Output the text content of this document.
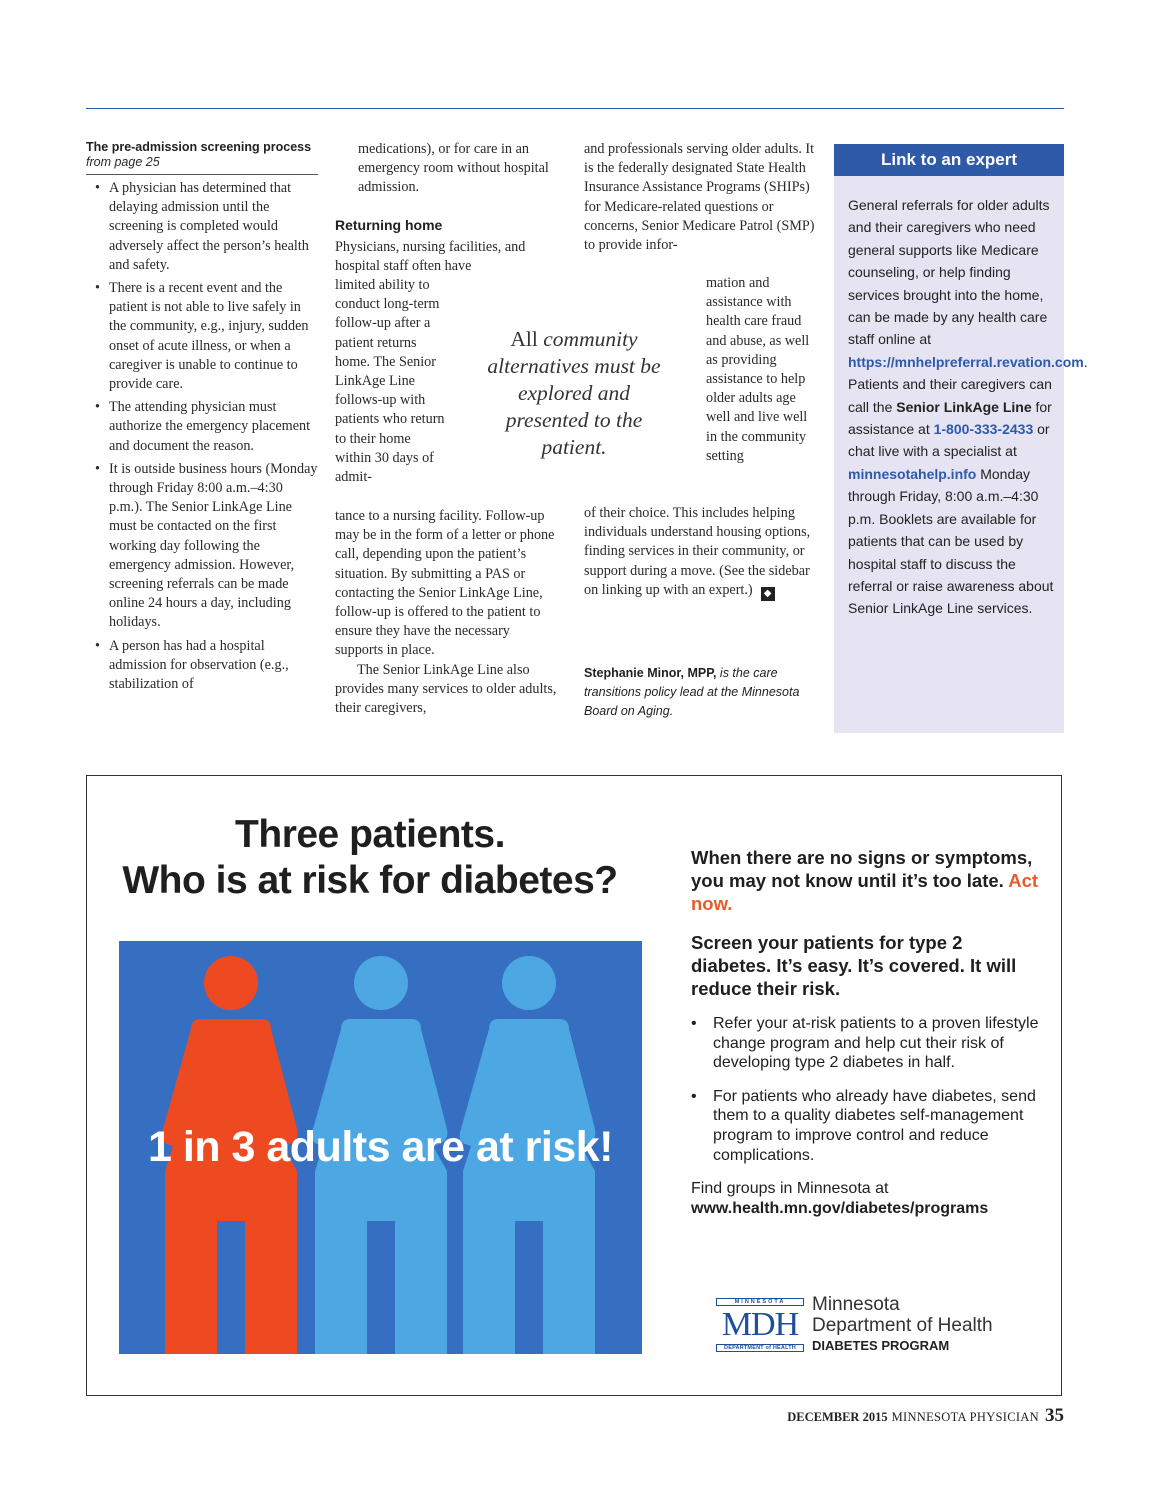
The pre-admission screening process
from page 25
• A physician has determined that delaying admission until the screening is completed would adversely affect the person’s health and safety.
• There is a recent event and the patient is not able to live safely in the community, e.g., injury, sudden onset of acute illness, or when a caregiver is unable to continue to provide care.
• The attending physician must authorize the emergency placement and document the reason.
• It is outside business hours (Monday through Friday 8:00 a.m.–4:30 p.m.). The Senior LinkAge Line must be contacted on the first working day following the emergency admission. However, screening referrals can be made online 24 hours a day, including holidays.
• A person has had a hospital admission for observation (e.g., stabilization of
medications), or for care in an emergency room without hospital admission.
Returning home
Physicians, nursing facilities, and hospital staff often have
limited ability to conduct long-term follow-up after a patient returns home. The Senior LinkAge Line follows-up with patients who return to their home within 30 days of admit-
tance to a nursing facility. Follow-up may be in the form of a letter or phone call, depending upon the patient’s situation. By submitting a PAS or contacting the Senior LinkAge Line, follow-up is offered to the patient to ensure they have the necessary supports in place.
The Senior LinkAge Line also provides many services to older adults, their caregivers,
All community alternatives must be explored and presented to the patient.
and professionals serving older adults. It is the federally designated State Health Insurance Assistance Programs (SHIPs) for Medicare-related questions or concerns, Senior Medicare Patrol (SMP) to provide infor-
mation and assistance with health care fraud and abuse, as well as providing assistance to help older adults age well and live well in the community setting
of their choice. This includes helping individuals understand housing options, finding services in their community, or support during a move. (See the sidebar on linking up with an expert.) ◆
Stephanie Minor, MPP, is the care transitions policy lead at the Minnesota Board on Aging.
Link to an expert
General referrals for older adults and their caregivers who need general supports like Medicare counseling, or help finding services brought into the home, can be made by any health care staff online at https://mnhelpreferral.revation.com. Patients and their caregivers can call the Senior LinkAge Line for assistance at 1-800-333-2433 or chat live with a specialist at minnesotahelp.info Monday through Friday, 8:00 a.m.–4:30 p.m. Booklets are available for patients that can be used by hospital staff to discuss the referral or raise awareness about Senior LinkAge Line services.
Three patients.
Who is at risk for diabetes?
1 in 3 adults are at risk!
When there are no signs or symptoms, you may not know until it’s too late. Act now.
Screen your patients for type 2 diabetes. It’s easy. It’s covered. It will reduce their risk.
• Refer your at-risk patients to a proven lifestyle change program and help cut their risk of developing type 2 diabetes in half.
• For patients who already have diabetes, send them to a quality diabetes self-management program to improve control and reduce complications.
Find groups in Minnesota at
www.health.mn.gov/diabetes/programs
MINNESOTA
MDH
DEPARTMENT of HEALTH
Minnesota
Department of Health
DIABETES PROGRAM
DECEMBER 2015 MINNESOTA PHYSICIAN 35
